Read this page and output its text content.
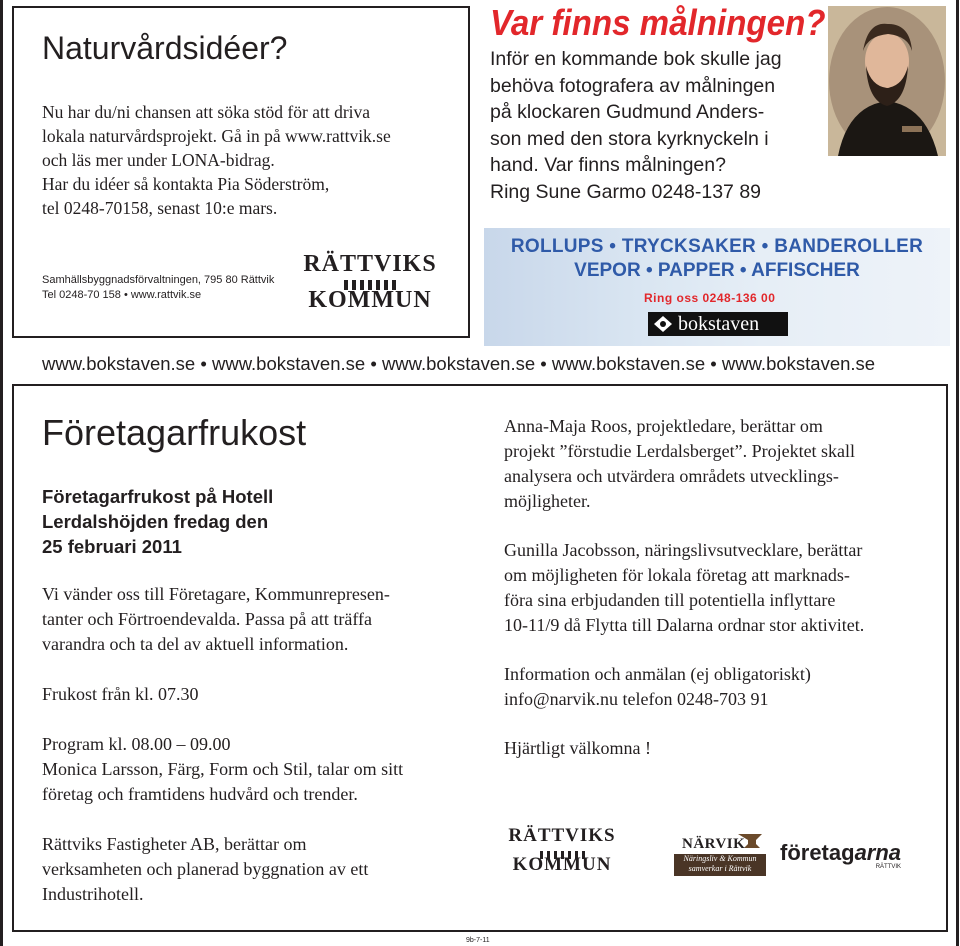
Naturvårdsidéer?

Nu har du/ni chansen att söka stöd för att driva
lokala naturvårdsprojekt. Gå in på www.rattvik.se
och läs mer under LONA-bidrag.
Har du idéer så kontakta Pia Söderström,
tel 0248-70158, senast 10:e mars.

Samhällsbyggnadsförvaltningen, 795 80 Rättvik
Tel 0248-70 158 • www.rattvik.se
RÄTTVIKS
KOMMUN
Var finns målningen?

Inför en kommande bok skulle jag
behöva fotografera av målningen
på klockaren Gudmund Anders-
son med den stora kyrknyckeln i
hand. Var finns målningen?
Ring Sune Garmo 0248-137 89

ROLLUPS • TRYCKSAKER • BANDEROLLER
VEPOR • PAPPER • AFFISCHER
Ring oss 0248-136 00
bokstaven
www.bokstaven.se • www.bokstaven.se • www.bokstaven.se • www.bokstaven.se • www.bokstaven.se
Företagarfrukost

Företagarfrukost på Hotell
Lerdalshöjden fredag den
25 februari 2011

Vi vänder oss till Företagare, Kommunrepresen-
tanter och Förtroendevalda. Passa på att träffa
varandra och ta del av aktuell information.

Frukost från kl. 07.30

Program kl. 08.00 – 09.00
Monica Larsson, Färg, Form och Stil, talar om sitt
företag och framtidens hudvård och trender.

Rättviks Fastigheter AB, berättar om
verksamheten och planerad byggnation av ett
Industrihotell.

Anna-Maja Roos, projektledare, berättar om
projekt ”förstudie Lerdalsberget”. Projektet skall
analysera och utvärdera områdets utvecklings-
möjligheter.

Gunilla Jacobsson, näringslivsutvecklare, berättar
om möjligheten för lokala företag att marknads-
föra sina erbjudanden till potentiella inflyttare
10-11/9 då Flytta till Dalarna ordnar stor aktivitet.

Information och anmälan (ej obligatoriskt)
info@narvik.nu telefon 0248-703 91

Hjärtligt välkomna !

RÄTTVIKS
KOMMUN
NÄRVIK
Näringsliv & Kommun
samverkar i Rättvik
företagarna
RÄTTVIK
9b-7-11
